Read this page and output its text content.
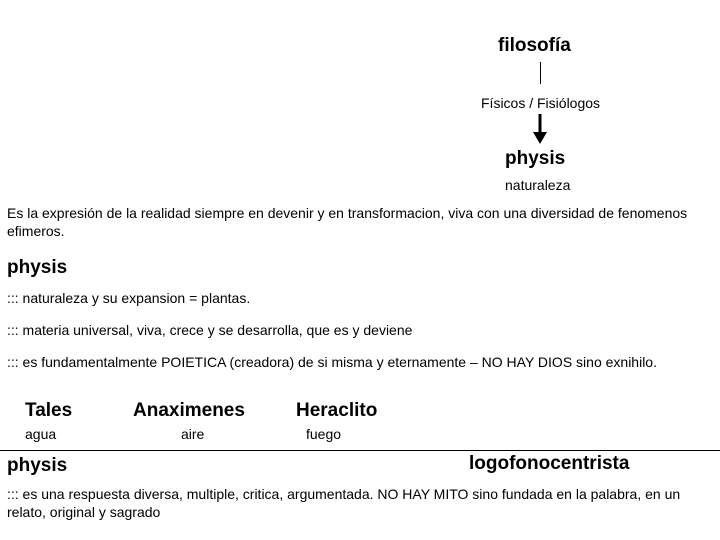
filosofía
Físicos / Fisiólogos
physis
naturaleza
Es la expresión de la realidad siempre en devenir y en transformacion, viva con una diversidad de fenomenos efimeros.
physis
::: naturaleza y su expansion = plantas.
::: materia universal, viva, crece y se desarrolla, que es y deviene
::: es fundamentalmente POIETICA (creadora) de si misma y eternamente – NO HAY DIOS sino exnihilo.
Tales
agua
Anaximenes
aire
Heraclito
fuego
physis	logofonocentrista
::: es una respuesta diversa, multiple, critica, argumentada. NO HAY MITO sino fundada en la palabra, en un relato, original y sagrado
